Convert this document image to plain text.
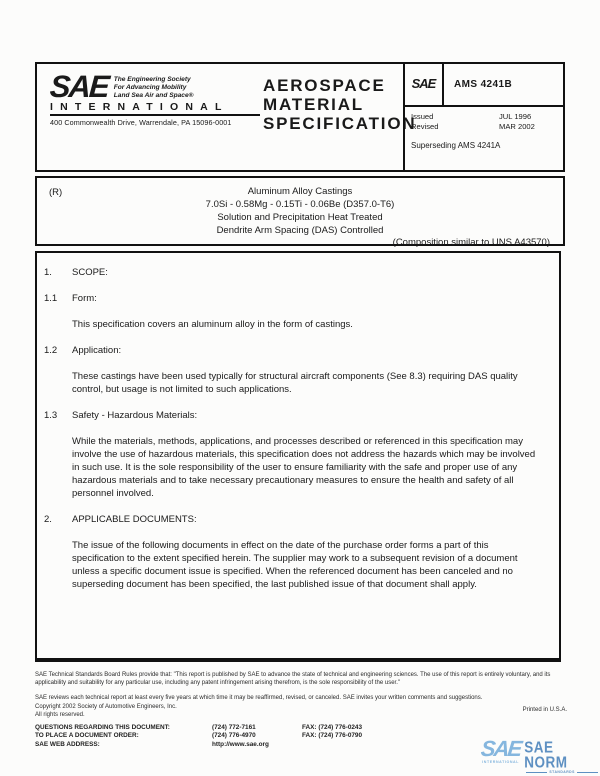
SAE The Engineering Society
For Advancing Mobility
Land Sea Air and Space®
INTERNATIONAL
400 Commonwealth Drive, Warrendale, PA 15096-0001
AEROSPACE
MATERIAL
SPECIFICATION
SAE	AMS 4241B
Issued	JUL 1996
Revised	MAR 2002
Superseding AMS 4241A
(R)	Aluminum Alloy Castings
7.0Si - 0.58Mg - 0.15Ti - 0.06Be (D357.0-T6)
Solution and Precipitation Heat Treated
Dendrite Arm Spacing (DAS) Controlled
(Composition similar to UNS A43570)
1. SCOPE:
1.1 Form:
This specification covers an aluminum alloy in the form of castings.
1.2 Application:
These castings have been used typically for structural aircraft components (See 8.3) requiring DAS quality control, but usage is not limited to such applications.
1.3 Safety - Hazardous Materials:
While the materials, methods, applications, and processes described or referenced in this specification may involve the use of hazardous materials, this specification does not address the hazards which may be involved in such use. It is the sole responsibility of the user to ensure familiarity with the safe and proper use of any hazardous materials and to take necessary precautionary measures to ensure the health and safety of all personnel involved.
2. APPLICABLE DOCUMENTS:
The issue of the following documents in effect on the date of the purchase order forms a part of this specification to the extent specified herein. The supplier may work to a subsequent revision of a document unless a specific document issue is specified. When the referenced document has been canceled and no superseding document has been specified, the last published issue of that document shall apply.
SAE Technical Standards Board Rules provide that: "This report is published by SAE to advance the state of technical and engineering sciences. The use of this report is entirely voluntary, and its applicability and suitability for any particular use, including any patent infringement arising therefrom, is the sole responsibility of the user."
SAE reviews each technical report at least every five years at which time it may be reaffirmed, revised, or canceled. SAE invites your written comments and suggestions.
Copyright 2002 Society of Automotive Engineers, Inc.
All rights reserved.
Printed in U.S.A.
QUESTIONS REGARDING THIS DOCUMENT:	(724) 772-7161	FAX: (724) 776-0243
TO PLACE A DOCUMENT ORDER:	(724) 776-4970	FAX: (724) 776-0790
SAE WEB ADDRESS:	http://www.sae.org	SAE
INTERNATIONAL
SAE NORM
STANDARDS
